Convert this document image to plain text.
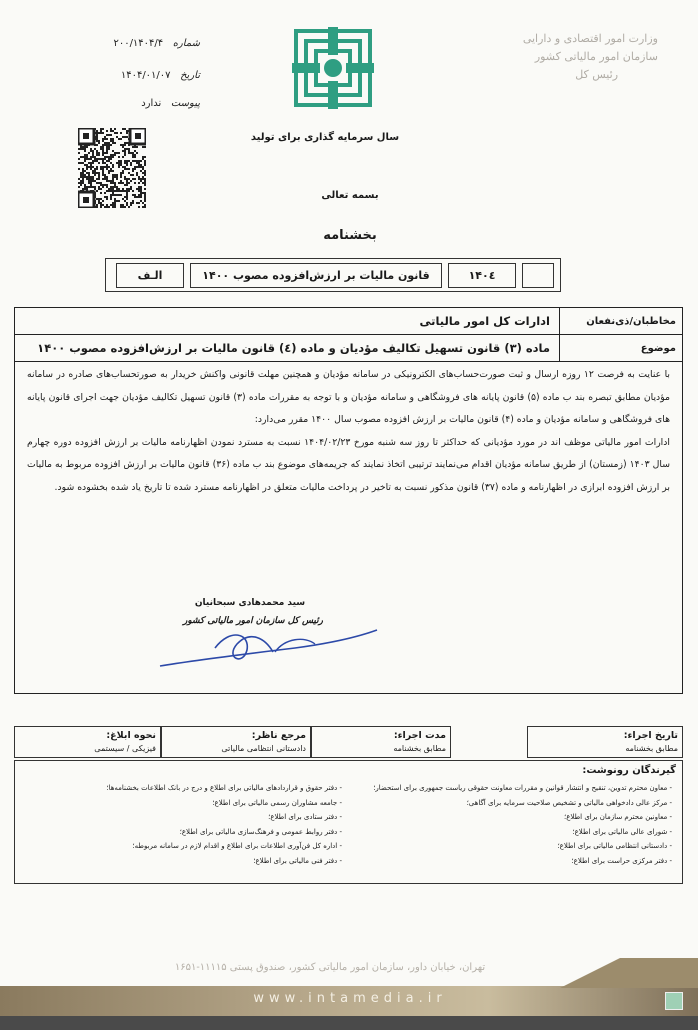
وزارت امور اقتصادی و دارایی
سازمان امور مالیاتی کشور
رئیس کل
شماره   ۲۰۰/۱۴۰۴/۴
تاریخ   ۱۴۰۴/۰۱/۰۷
پیوست   ندارد
سال سرمایه گذاری برای تولید
بسمه تعالی
بخشنامه
۱۴۰٤
قانون مالیات بر ارزش‌افزوده مصوب ۱۴۰۰
الـف
مخاطبان/ذی‌نفعان
ادارات کل امور مالیاتی
موضوع
ماده (۳) قانون تسهیل تکالیف مؤدیان و ماده (٤) قانون مالیات بر ارزش‌افزوده مصوب ۱۴۰۰

با عنایت به فرصت ۱۲ روزه ارسال و ثبت صورت‌حساب‌های الکترونیکی در سامانه مؤدیان و همچنین مهلت قانونی واکنش خریدار به صورتحساب‌های صادره در سامانه مؤدیان مطابق تبصره بند ب ماده (۵) قانون پایانه های فروشگاهی و سامانه مؤدیان و با توجه به مقررات ماده (۳) قانون تسهیل تکالیف مؤدیان جهت اجرای قانون پایانه های فروشگاهی و سامانه مؤدیان و ماده (۴) قانون مالیات بر ارزش افزوده مصوب سال ۱۴۰۰ مقرر می‌دارد:

ادارات امور مالیاتی موظف اند در مورد مؤدیانی که حداکثر تا روز سه شنبه مورخ ۱۴۰۴/۰۲/۲۳ نسبت به مسترد نمودن اظهارنامه مالیات بر ارزش افزوده دوره چهارم سال ۱۴۰۳ (زمستان) از طریق سامانه مؤدیان اقدام می‌نمایند ترتیبی اتخاذ نمایند که جریمه‌های موضوع بند ب ماده (۳۶) قانون مالیات بر ارزش افزوده مربوط به مالیات بر ارزش افزوده ابرازی در اظهارنامه و ماده (۳۷) قانون مذکور نسبت به تاخیر در پرداخت مالیات متعلق در اظهارنامه مسترد شده تا تاریخ یاد شده بخشوده شود.

سید محمدهادی سبحانیان
رئیس کل سازمان امور مالیاتی کشور
تاریخ اجراء:
مطابق بخشنامه
مدت اجراء:
مطابق بخشنامه
مرجع ناظر:
دادستانی انتظامی مالیاتی
نحوه ابلاغ:
فیزیکی / سیستمی
گیرندگان رونوشت:
- معاون محترم تدوین، تنقیح و انتشار قوانین و مقررات معاونت حقوقی ریاست جمهوری برای استحضار؛
- مرکز عالی دادخواهی مالیاتی و تشخیص صلاحیت سرمایه برای آگاهی؛
- معاونین محترم سازمان برای اطلاع؛
- شورای عالی مالیاتی برای اطلاع؛
- دادستانی انتظامی مالیاتی برای اطلاع؛
- دفتر مرکزی حراست برای اطلاع؛
- دفتر حقوق و قراردادهای مالیاتی برای اطلاع و درج در بانک اطلاعات بخشنامه‌ها؛
- جامعه مشاوران رسمی مالیاتی برای اطلاع؛
- دفتر ستادی برای اطلاع؛
- دفتر روابط عمومی و فرهنگ‌سازی مالیاتی برای اطلاع؛
- اداره کل فن‌آوری اطلاعات برای اطلاع و اقدام لازم در سامانه مربوطه؛
- دفتر فنی مالیاتی برای اطلاع؛
تهران، خیابان داور، سازمان امور مالیاتی کشور، صندوق پستی ۱۱۱۱۵-۱۶۵۱
www.intamedia.ir
